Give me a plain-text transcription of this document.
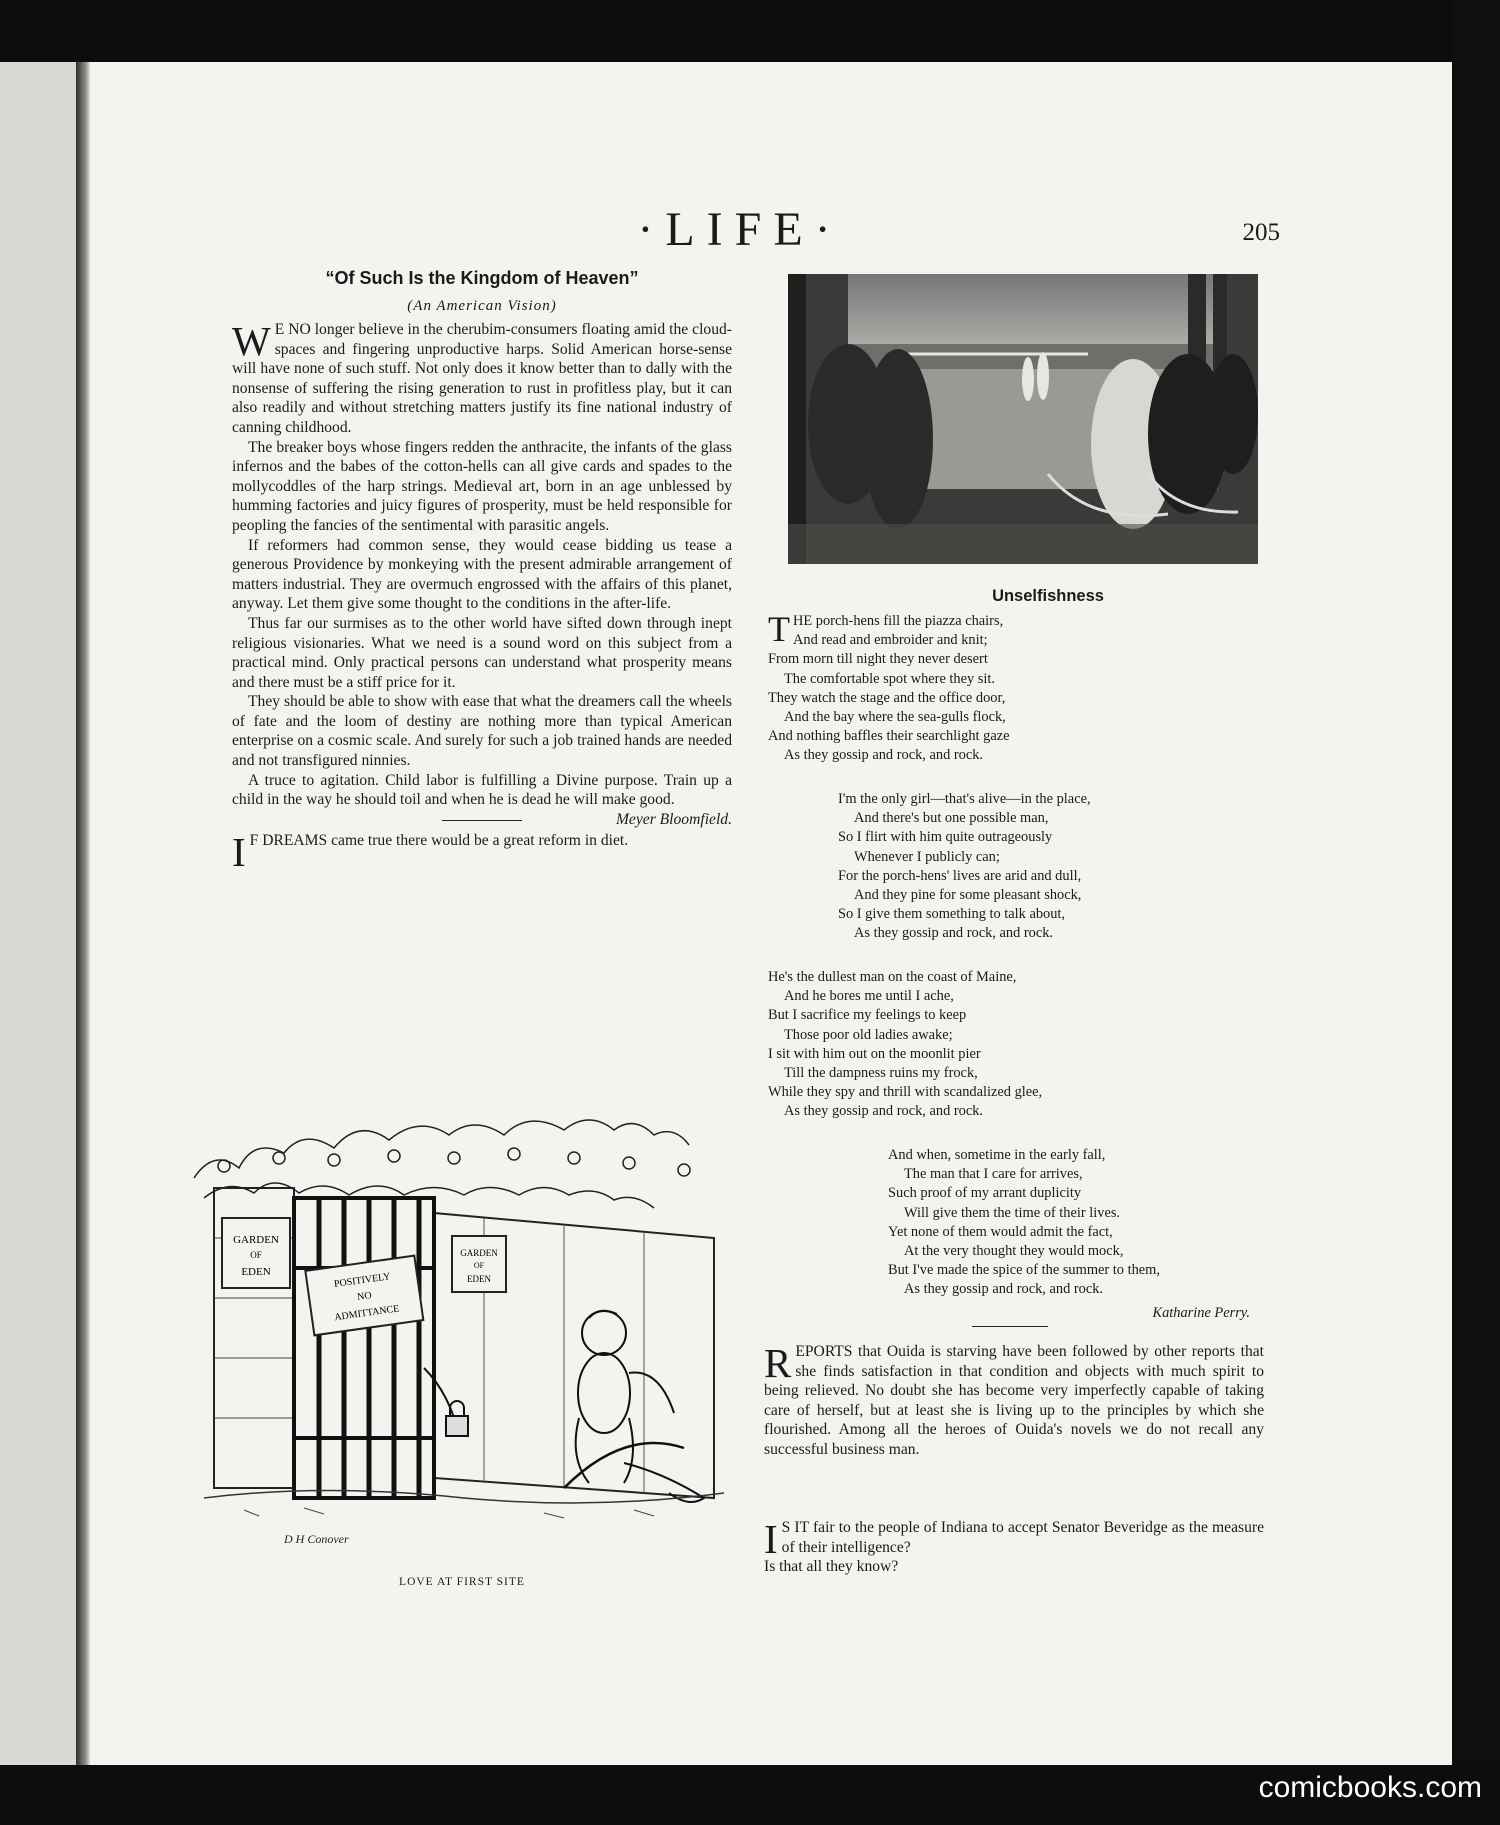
·LIFE·	205
“Of Such Is the Kingdom of Heaven”
(An American Vision)

W E NO longer believe in the cherubim-consumers floating amid the cloud-spaces and fingering unproductive harps. Solid American horse-sense will have none of such stuff. Not only does it know better than to dally with the nonsense of suffering the rising generation to rust in profitless play, but it can also readily and without stretching matters justify its fine national industry of canning childhood.

The breaker boys whose fingers redden the anthracite, the infants of the glass infernos and the babes of the cotton-hells can all give cards and spades to the mollycoddles of the harp strings. Medieval art, born in an age unblessed by humming factories and juicy figures of prosperity, must be held responsible for peopling the fancies of the sentimental with parasitic angels.

If reformers had common sense, they would cease bidding us tease a generous Providence by monkeying with the present admirable arrangement of matters industrial. They are overmuch engrossed with the affairs of this planet, anyway. Let them give some thought to the conditions in the after-life.

Thus far our surmises as to the other world have sifted down through inept religious visionaries. What we need is a sound word on this subject from a practical mind. Only practical persons can understand what prosperity means and there must be a stiff price for it.

They should be able to show with ease that what the dreamers call the wheels of fate and the loom of destiny are nothing more than typical American enterprise on a cosmic scale. And surely for such a job trained hands are needed and not transfigured ninnies.

A truce to agitation. Child labor is fulfilling a Divine purpose. Train up a child in the way he should toil and when he is dead he will make good.
Meyer Bloomfield.

I F DREAMS came true there would be a great reform in diet.

GARDEN
OF
EDEN	POSITIVELY
NO
ADMITTANCE
GARDEN
OF
EDEN
D H Conover
LOVE AT FIRST SITE
Unselfishness
THE porch-hens fill the piazza chairs,
And read and embroider and knit;
From morn till night they never desert
The comfortable spot where they sit.
They watch the stage and the office door,
And the bay where the sea-gulls flock,
And nothing baffles their searchlight gaze
As they gossip and rock, and rock.
I'm the only girl—that's alive—in the place,
And there's but one possible man,
So I flirt with him quite outrageously
Whenever I publicly can;
For the porch-hens' lives are arid and dull,
And they pine for some pleasant shock,
So I give them something to talk about,
As they gossip and rock, and rock.
He's the dullest man on the coast of Maine,
And he bores me until I ache,
But I sacrifice my feelings to keep
Those poor old ladies awake;
I sit with him out on the moonlit pier
Till the dampness ruins my frock,
While they spy and thrill with scandalized glee,
As they gossip and rock, and rock.
And when, sometime in the early fall,
The man that I care for arrives,
Such proof of my arrant duplicity
Will give them the time of their lives.
Yet none of them would admit the fact,
At the very thought they would mock,
But I've made the spice of the summer to them,
As they gossip and rock, and rock.
Katharine Perry.

REPORTS that Ouida is starving have been followed by other reports that she finds satisfaction in that condition and objects with much spirit to being relieved. No doubt she has become very imperfectly capable of taking care of herself, but at least she is living up to the principles by which she flourished. Among all the heroes of Ouida's novels we do not recall any successful business man.

I S IT fair to the people of Indiana to accept Senator Beveridge as the measure of their intelligence?
Is that all they know?

comicbooks.com
